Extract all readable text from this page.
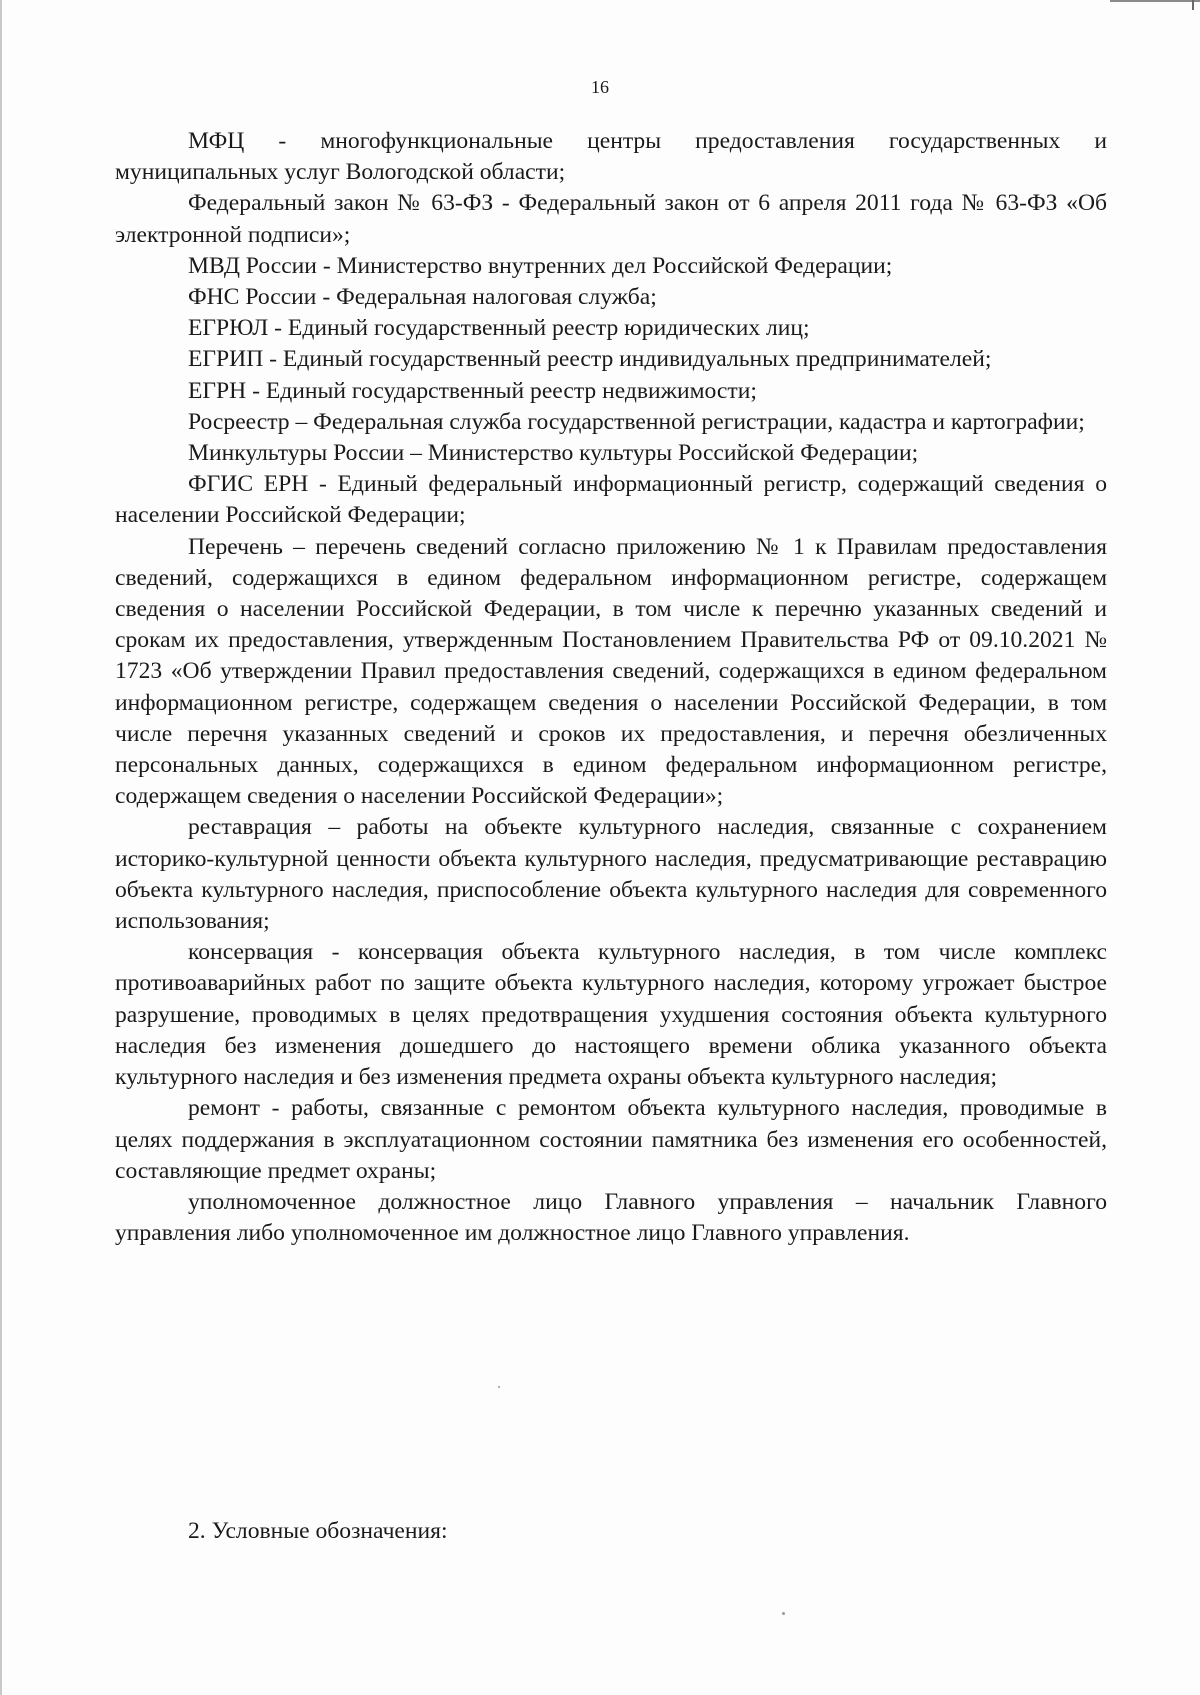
16

МФЦ - многофункциональные центры предоставления государственных и муниципальных услуг Вологодской области;

Федеральный закон № 63-ФЗ - Федеральный закон от 6 апреля 2011 года № 63-ФЗ «Об электронной подписи»;

МВД России - Министерство внутренних дел Российской Федерации;

ФНС России - Федеральная налоговая служба;

ЕГРЮЛ - Единый государственный реестр юридических лиц;

ЕГРИП - Единый государственный реестр индивидуальных предпринимателей;

ЕГРН - Единый государственный реестр недвижимости;

Росреестр – Федеральная служба государственной регистрации, кадастра и картографии;

Минкультуры России – Министерство культуры Российской Федерации;

ФГИС ЕРН - Единый федеральный информационный регистр, содержащий сведения о населении Российской Федерации;

Перечень – перечень сведений согласно приложению № 1 к Правилам предоставления сведений, содержащихся в едином федеральном информационном регистре, содержащем сведения о населении Российской Федерации, в том числе к перечню указанных сведений и срокам их предоставления, утвержденным Постановлением Правительства РФ от 09.10.2021 № 1723 «Об утверждении Правил предоставления сведений, содержащихся в едином федеральном информационном регистре, содержащем сведения о населении Российской Федерации, в том числе перечня указанных сведений и сроков их предоставления, и перечня обезличенных персональных данных, содержащихся в едином федеральном информационном регистре, содержащем сведения о населении Российской Федерации»;

реставрация – работы на объекте культурного наследия, связанные с сохранением историко-культурной ценности объекта культурного наследия, предусматривающие реставрацию объекта культурного наследия, приспособление объекта культурного наследия для современного использования;

консервация - консервация объекта культурного наследия, в том числе комплекс противоаварийных работ по защите объекта культурного наследия, которому угрожает быстрое разрушение, проводимых в целях предотвращения ухудшения состояния объекта культурного наследия без изменения дошедшего до настоящего времени облика указанного объекта культурного наследия и без изменения предмета охраны объекта культурного наследия;

ремонт - работы, связанные с ремонтом объекта культурного наследия, проводимые в целях поддержания в эксплуатационном состоянии памятника без изменения его особенностей, составляющие предмет охраны;

уполномоченное должностное лицо Главного управления – начальник Главного управления либо уполномоченное им должностное лицо Главного управления.

2. Условные обозначения:
